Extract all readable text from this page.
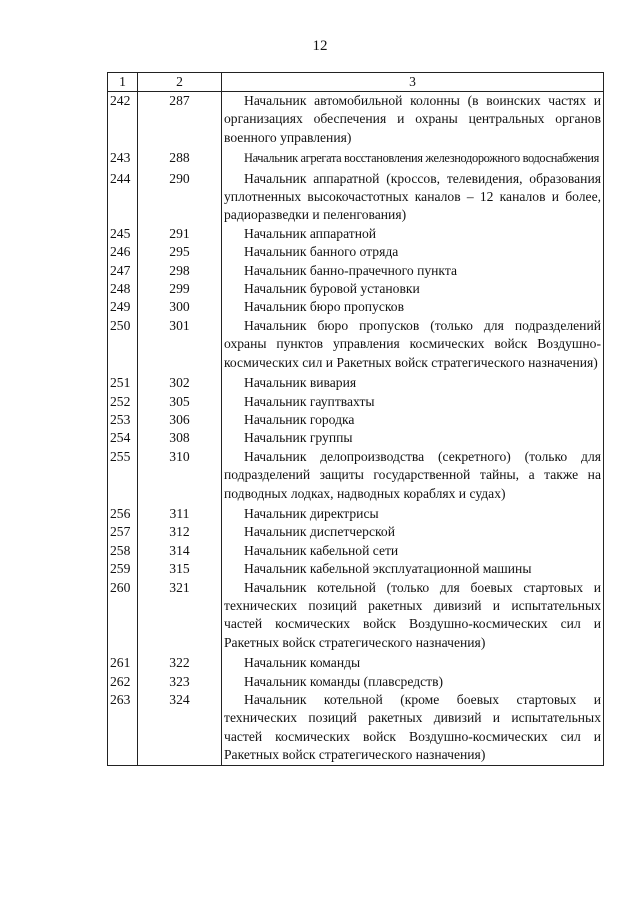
12
1	2	3
242	287	Начальник автомобильной колонны (в воинских частях и организациях обеспечения и охраны центральных органов военного управления)

243	288	Начальник агрегата восстановления железнодорожного водоснабжения

244	290	Начальник аппаратной (кроссов, телевидения, образования уплотненных высокочастотных каналов – 12 каналов и более, радиоразведки и пеленгования)

245	291	Начальник аппаратной

246	295	Начальник банного отряда

247	298	Начальник банно-прачечного пункта

248	299	Начальник буровой установки

249	300	Начальник бюро пропусков

250	301	Начальник бюро пропусков (только для подразделений охраны пунктов управления космических войск Воздушно-космических сил и Ракетных войск стратегического назначения)

251	302	Начальник вивария

252	305	Начальник гауптвахты

253	306	Начальник городка

254	308	Начальник группы

255	310	Начальник делопроизводства (секретного) (только для подразделений защиты государственной тайны, а также на подводных лодках, надводных кораблях и судах)

256	311	Начальник директрисы

257	312	Начальник диспетчерской

258	314	Начальник кабельной сети

259	315	Начальник кабельной эксплуатационной машины

260	321	Начальник котельной (только для боевых стартовых и технических позиций ракетных дивизий и испытательных частей космических войск Воздушно-космических сил и Ракетных войск стратегического назначения)

261	322	Начальник команды

262	323	Начальник команды (плавсредств)

263	324	Начальник котельной (кроме боевых стартовых и технических позиций ракетных дивизий и испытательных частей космических войск Воздушно-космических сил и Ракетных войск стратегического назначения)
